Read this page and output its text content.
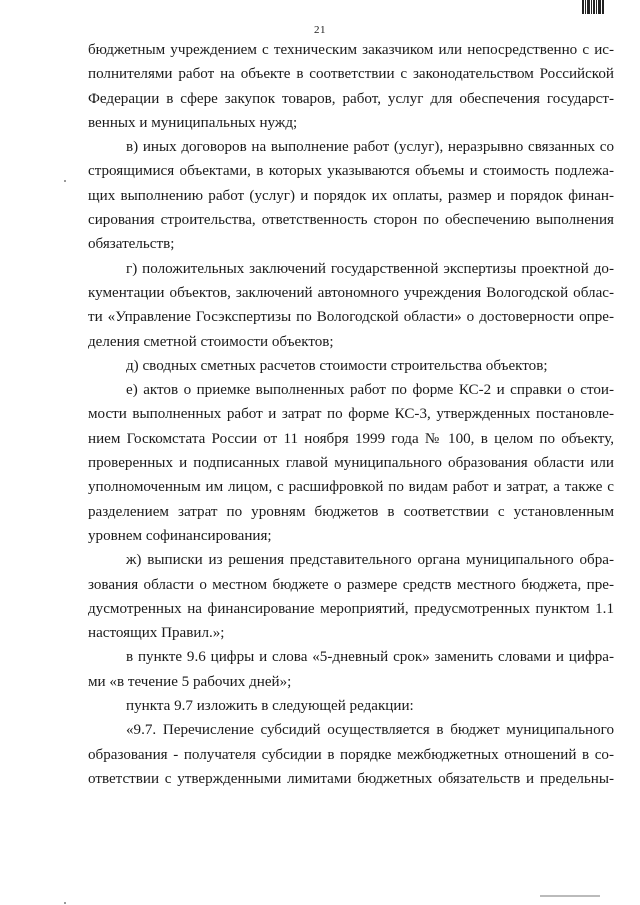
21
бюджетным учреждением с техническим заказчиком или непосредственно с ис-
полнителями работ на объекте в соответствии с законодательством Российской
Федерации в сфере закупок товаров, работ, услуг для обеспечения государст-
венных и муниципальных нужд;
в) иных договоров на выполнение работ (услуг), неразрывно связанных со
строящимися объектами, в которых указываются объемы и стоимость подлежа-
щих выполнению работ (услуг) и порядок их оплаты, размер и порядок финан-
сирования строительства, ответственность сторон по обеспечению выполнения
обязательств;
г) положительных заключений государственной экспертизы проектной до-
кументации объектов, заключений автономного учреждения Вологодской облас-
ти «Управление Госэкспертизы по Вологодской области» о достоверности опре-
деления сметной стоимости объектов;
д) сводных сметных расчетов стоимости строительства объектов;
е) актов о приемке выполненных работ по форме КС-2 и справки о стои-
мости выполненных работ и затрат по форме КС-3, утвержденных постановле-
нием Госкомстата России от 11 ноября 1999 года № 100, в целом по объекту,
проверенных и подписанных главой муниципального образования области или
уполномоченным им лицом, с расшифровкой по видам работ и затрат, а также с
разделением затрат по уровням бюджетов в соответствии с установленным
уровнем софинансирования;
ж) выписки из решения представительного органа муниципального обра-
зования области о местном бюджете о размере средств местного бюджета, пре-
дусмотренных на финансирование мероприятий, предусмотренных пунктом 1.1
настоящих Правил.»;
в пункте 9.6 цифры и слова «5-дневный срок» заменить словами и цифра-
ми «в течение 5 рабочих дней»;
пункта 9.7 изложить в следующей редакции:
«9.7. Перечисление субсидий осуществляется в бюджет муниципального
образования - получателя субсидии в порядке межбюджетных отношений в со-
ответствии с утвержденными лимитами бюджетных обязательств и предельны-
